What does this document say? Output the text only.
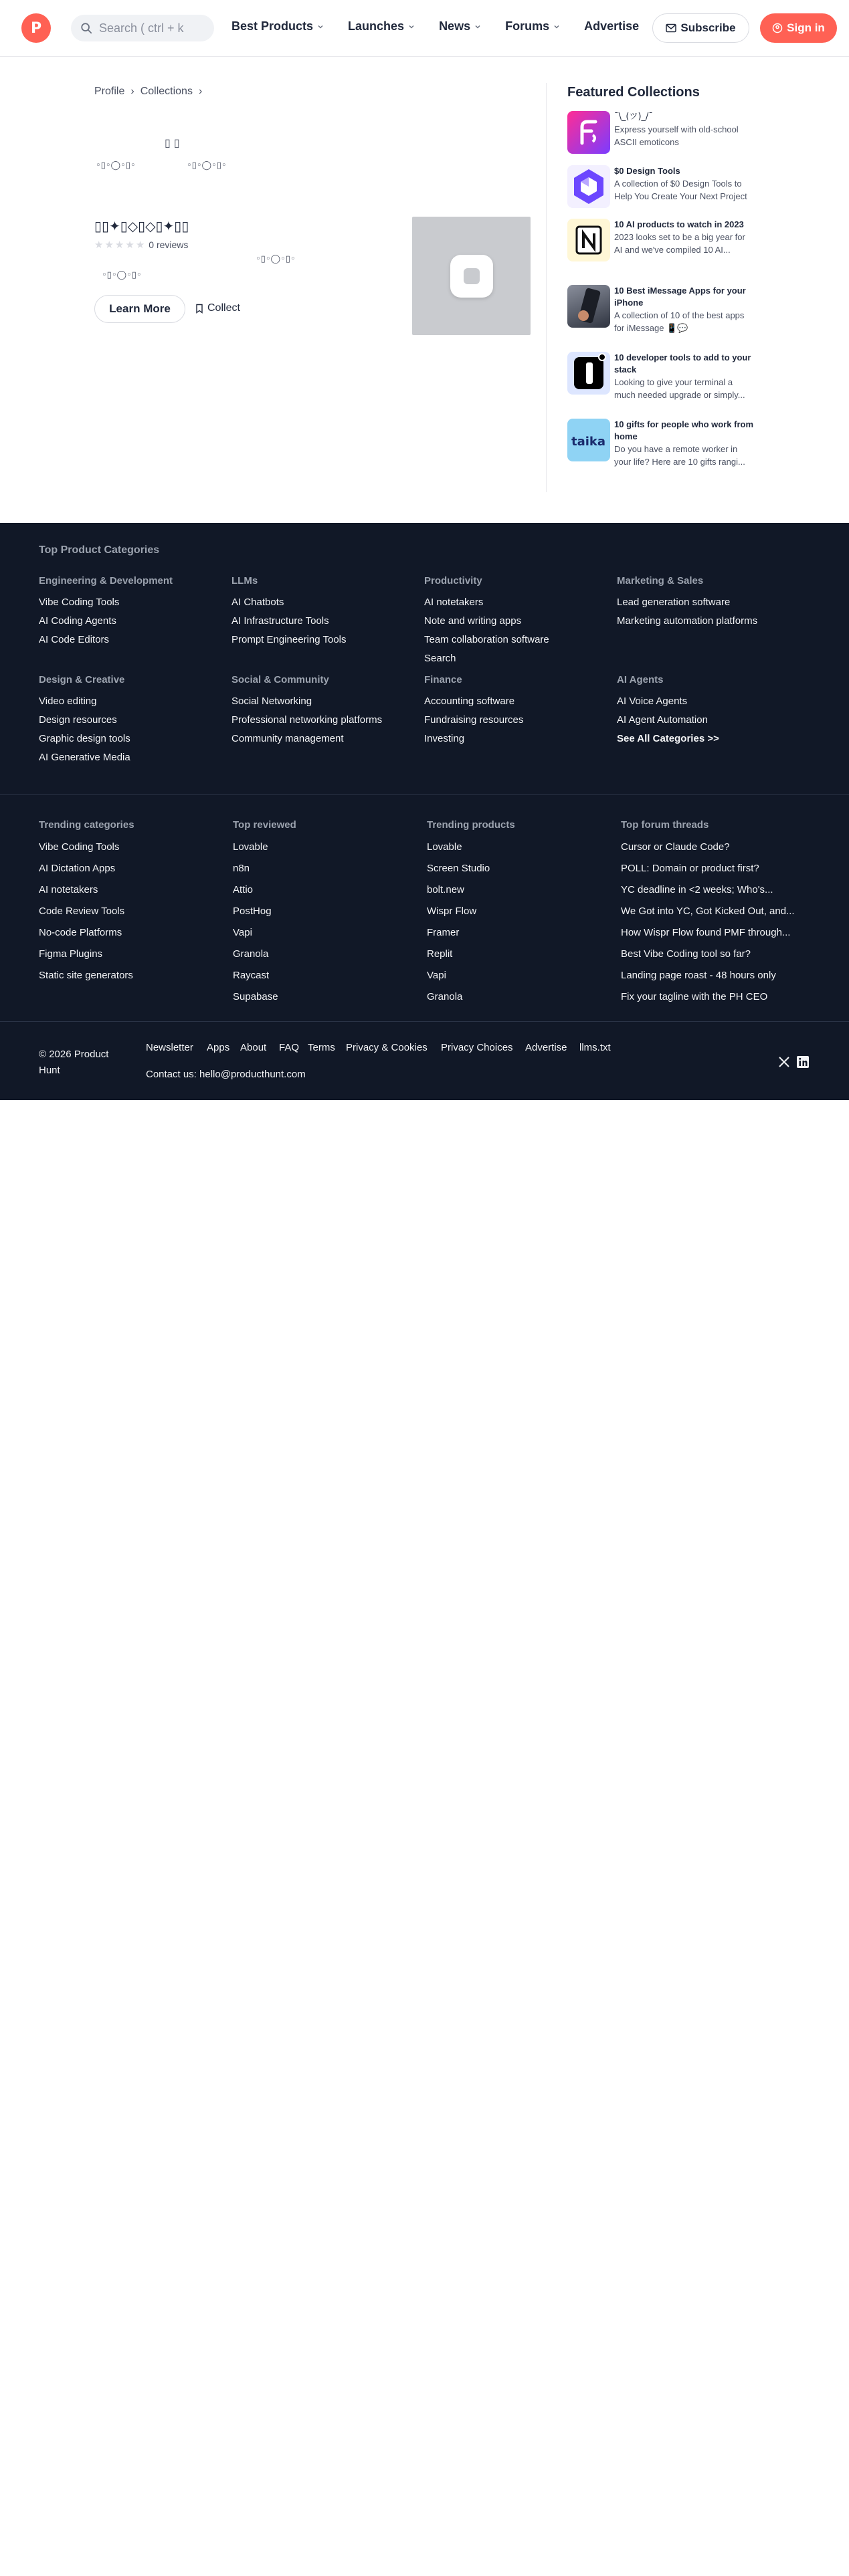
P	Search ( ctrl + k	Best Products	Launches	News	Forums	Advertise	Subscribe	Sign in
Profile › Collections ›
▯ ▯
◦▯◦◯◦▯◦	◦▯◦◯◦▯◦
▯▯✦▯◇▯◇▯✦▯▯
★ ★ ★ ★ ★ 0 reviews
◦▯◦◯◦▯◦
◦▯◦◯◦▯◦
Learn More	Collect
Featured Collections
¯\_(ツ)_/¯
Express yourself with old-school
ASCII emoticons
$0 Design Tools
A collection of $0 Design Tools to
Help You Create Your Next Project
10 AI products to watch in 2023
2023 looks set to be a big year for
AI and we've compiled 10 AI...
10 Best iMessage Apps for your iPhone
A collection of 10 of the best apps
for iMessage 📱💬
10 developer tools to add to your stack
Looking to give your terminal a
much needed upgrade or simply...
taika
10 gifts for people who work from home
Do you have a remote worker in
your life? Here are 10 gifts rangi...
Top Product Categories
Engineering & Development
Vibe Coding Tools
AI Coding Agents
AI Code Editors
LLMs
AI Chatbots
AI Infrastructure Tools
Prompt Engineering Tools
Productivity
AI notetakers
Note and writing apps
Team collaboration software
Search
Marketing & Sales
Lead generation software
Marketing automation platforms
Design & Creative
Video editing
Design resources
Graphic design tools
AI Generative Media
Social & Community
Social Networking
Professional networking platforms
Community management
Finance
Accounting software
Fundraising resources
Investing
AI Agents
AI Voice Agents
AI Agent Automation
See All Categories >>
Trending categories
Vibe Coding Tools
AI Dictation Apps
AI notetakers
Code Review Tools
No-code Platforms
Figma Plugins
Static site generators
Top reviewed
Lovable
n8n
Attio
PostHog
Vapi
Granola
Raycast
Supabase
Trending products
Lovable
Screen Studio
bolt.new
Wispr Flow
Framer
Replit
Vapi
Granola
Top forum threads
Cursor or Claude Code?
POLL: Domain or product first?
YC deadline in <2 weeks; Who's...
We Got into YC, Got Kicked Out, and...
How Wispr Flow found PMF through...
Best Vibe Coding tool so far?
Landing page roast - 48 hours only
Fix your tagline with the PH CEO
© 2026 Product Hunt
Newsletter Apps About FAQ Terms Privacy & Cookies Privacy Choices Advertise llms.txt
Contact us: hello@producthunt.com
